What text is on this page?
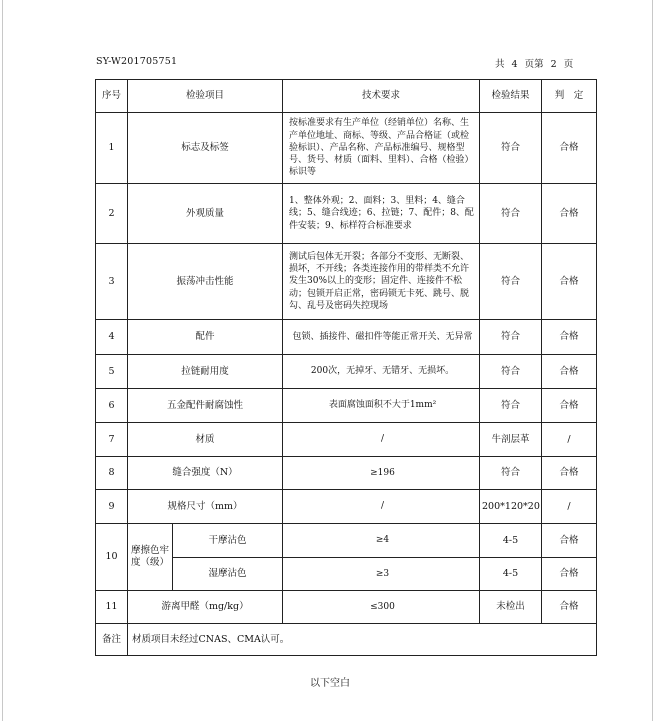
SY-W201705751	共 4 页第 2 页
序号	检验项目		技术要求	检验结果	判　定
1	标志及标签		按标准要求有生产单位（经销单位）名称、生产单位地址、商标、等级、产品合格证（或检验标识）、产品名称、产品标准编号、规格型号、货号、材质（面料、里料）、合格（检验）标识等	符合	合格
2	外观质量		1、整体外观；2、面料；3、里料；4、缝合线；5、缝合线迹；6、拉链；7、配件；8、配件安装；9、标样符合标准要求	符合	合格
3	振荡冲击性能		测试后包体无开裂；各部分不变形、无断裂、损坏，不开线；各类连接作用的带样类不允许发生30%以上的变形；固定件、连接件不松动；包锁开启正常，密码锁无卡死、跳号、脱勾、乱号及密码失控现场	符合	合格
4	配件		包锁、插接件、磁扣件等能正常开关、无异常	符合	合格
5	拉链耐用度		200次，无掉牙、无错牙、无损坏。	符合	合格
6	五金配件耐腐蚀性		表面腐蚀面积不大于1mm²	符合	合格
7	材质		/	牛剖层革	/
8	缝合强度（N）		≥196	符合	合格
9	规格尺寸（mm）		/	200*120*20	/
10	摩擦色牢度（级）	干摩沾色	≥4	4-5	合格
		湿摩沾色	≥3	4-5	合格
11	游离甲醛（mg/kg）		≤300	未检出	合格
备注	材质项目未经过CNAS、CMA认可。				
以下空白
